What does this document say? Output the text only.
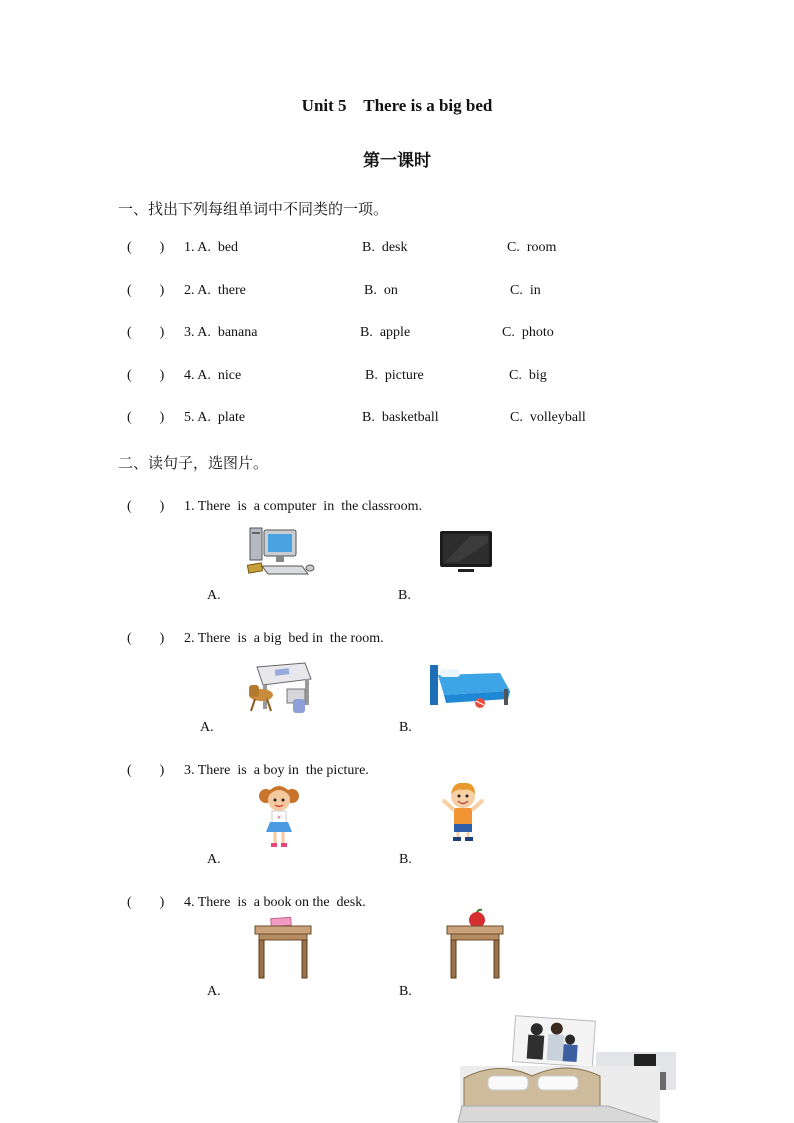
Unit 5    There is a big bed
第一课时
一、找出下列每组单词中不同类的一项。
(        ) 1. A.  bed	B.  desk	C.  room
(        ) 2. A.  there	B.  on	C.  in
(        ) 3. A.  banana	B.  apple	C.  photo
(        ) 4. A.  nice	B.  picture	C.  big
(        ) 5. A.  plate	B.  basketball	C.  volleyball
二、读句子，选图片。
(        ) 1. There  is  a computer  in  the classroom.
A.	B.
(        ) 2. There  is  a big  bed in  the room.
A.	B.
(        ) 3. There  is  a boy in  the picture.
A.	B.
(        ) 4. There  is  a book on the  desk.
A.	B.
